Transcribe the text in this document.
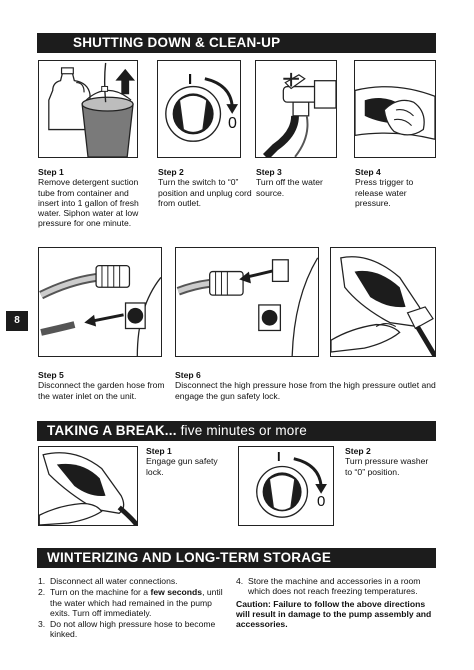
SHUTTING DOWN & CLEAN-UP
I
0
Step 1
Remove detergent suction tube from container and insert into 1 gallon of fresh water. Siphon water at low pressure for one minute.
Step 2
Turn the switch to “0” position and unplug cord from outlet.
Step 3
Turn off the water source.
Step 4
Press trigger to release water pressure.
8
Step 5
Disconnect the garden hose from the water inlet on the unit.
Step 6
Disconnect the high pressure hose from the high pressure outlet and engage the gun safety lock.
TAKING A BREAK... five minutes or more
Step 1
Engage gun safety lock.
I
0
Step 2
Turn pressure washer to “0” position.
WINTERIZING AND LONG-TERM STORAGE
1. Disconnect all water connections.
2. Turn on the machine for a few seconds, until the water which had remained in the pump exits. Turn off immediately.
3. Do not allow high pressure hose to become kinked.
4. Store the machine and accessories in a room which does not reach freezing temperatures.
Caution: Failure to follow the above directions will result in damage to the pump assembly and accessories.
